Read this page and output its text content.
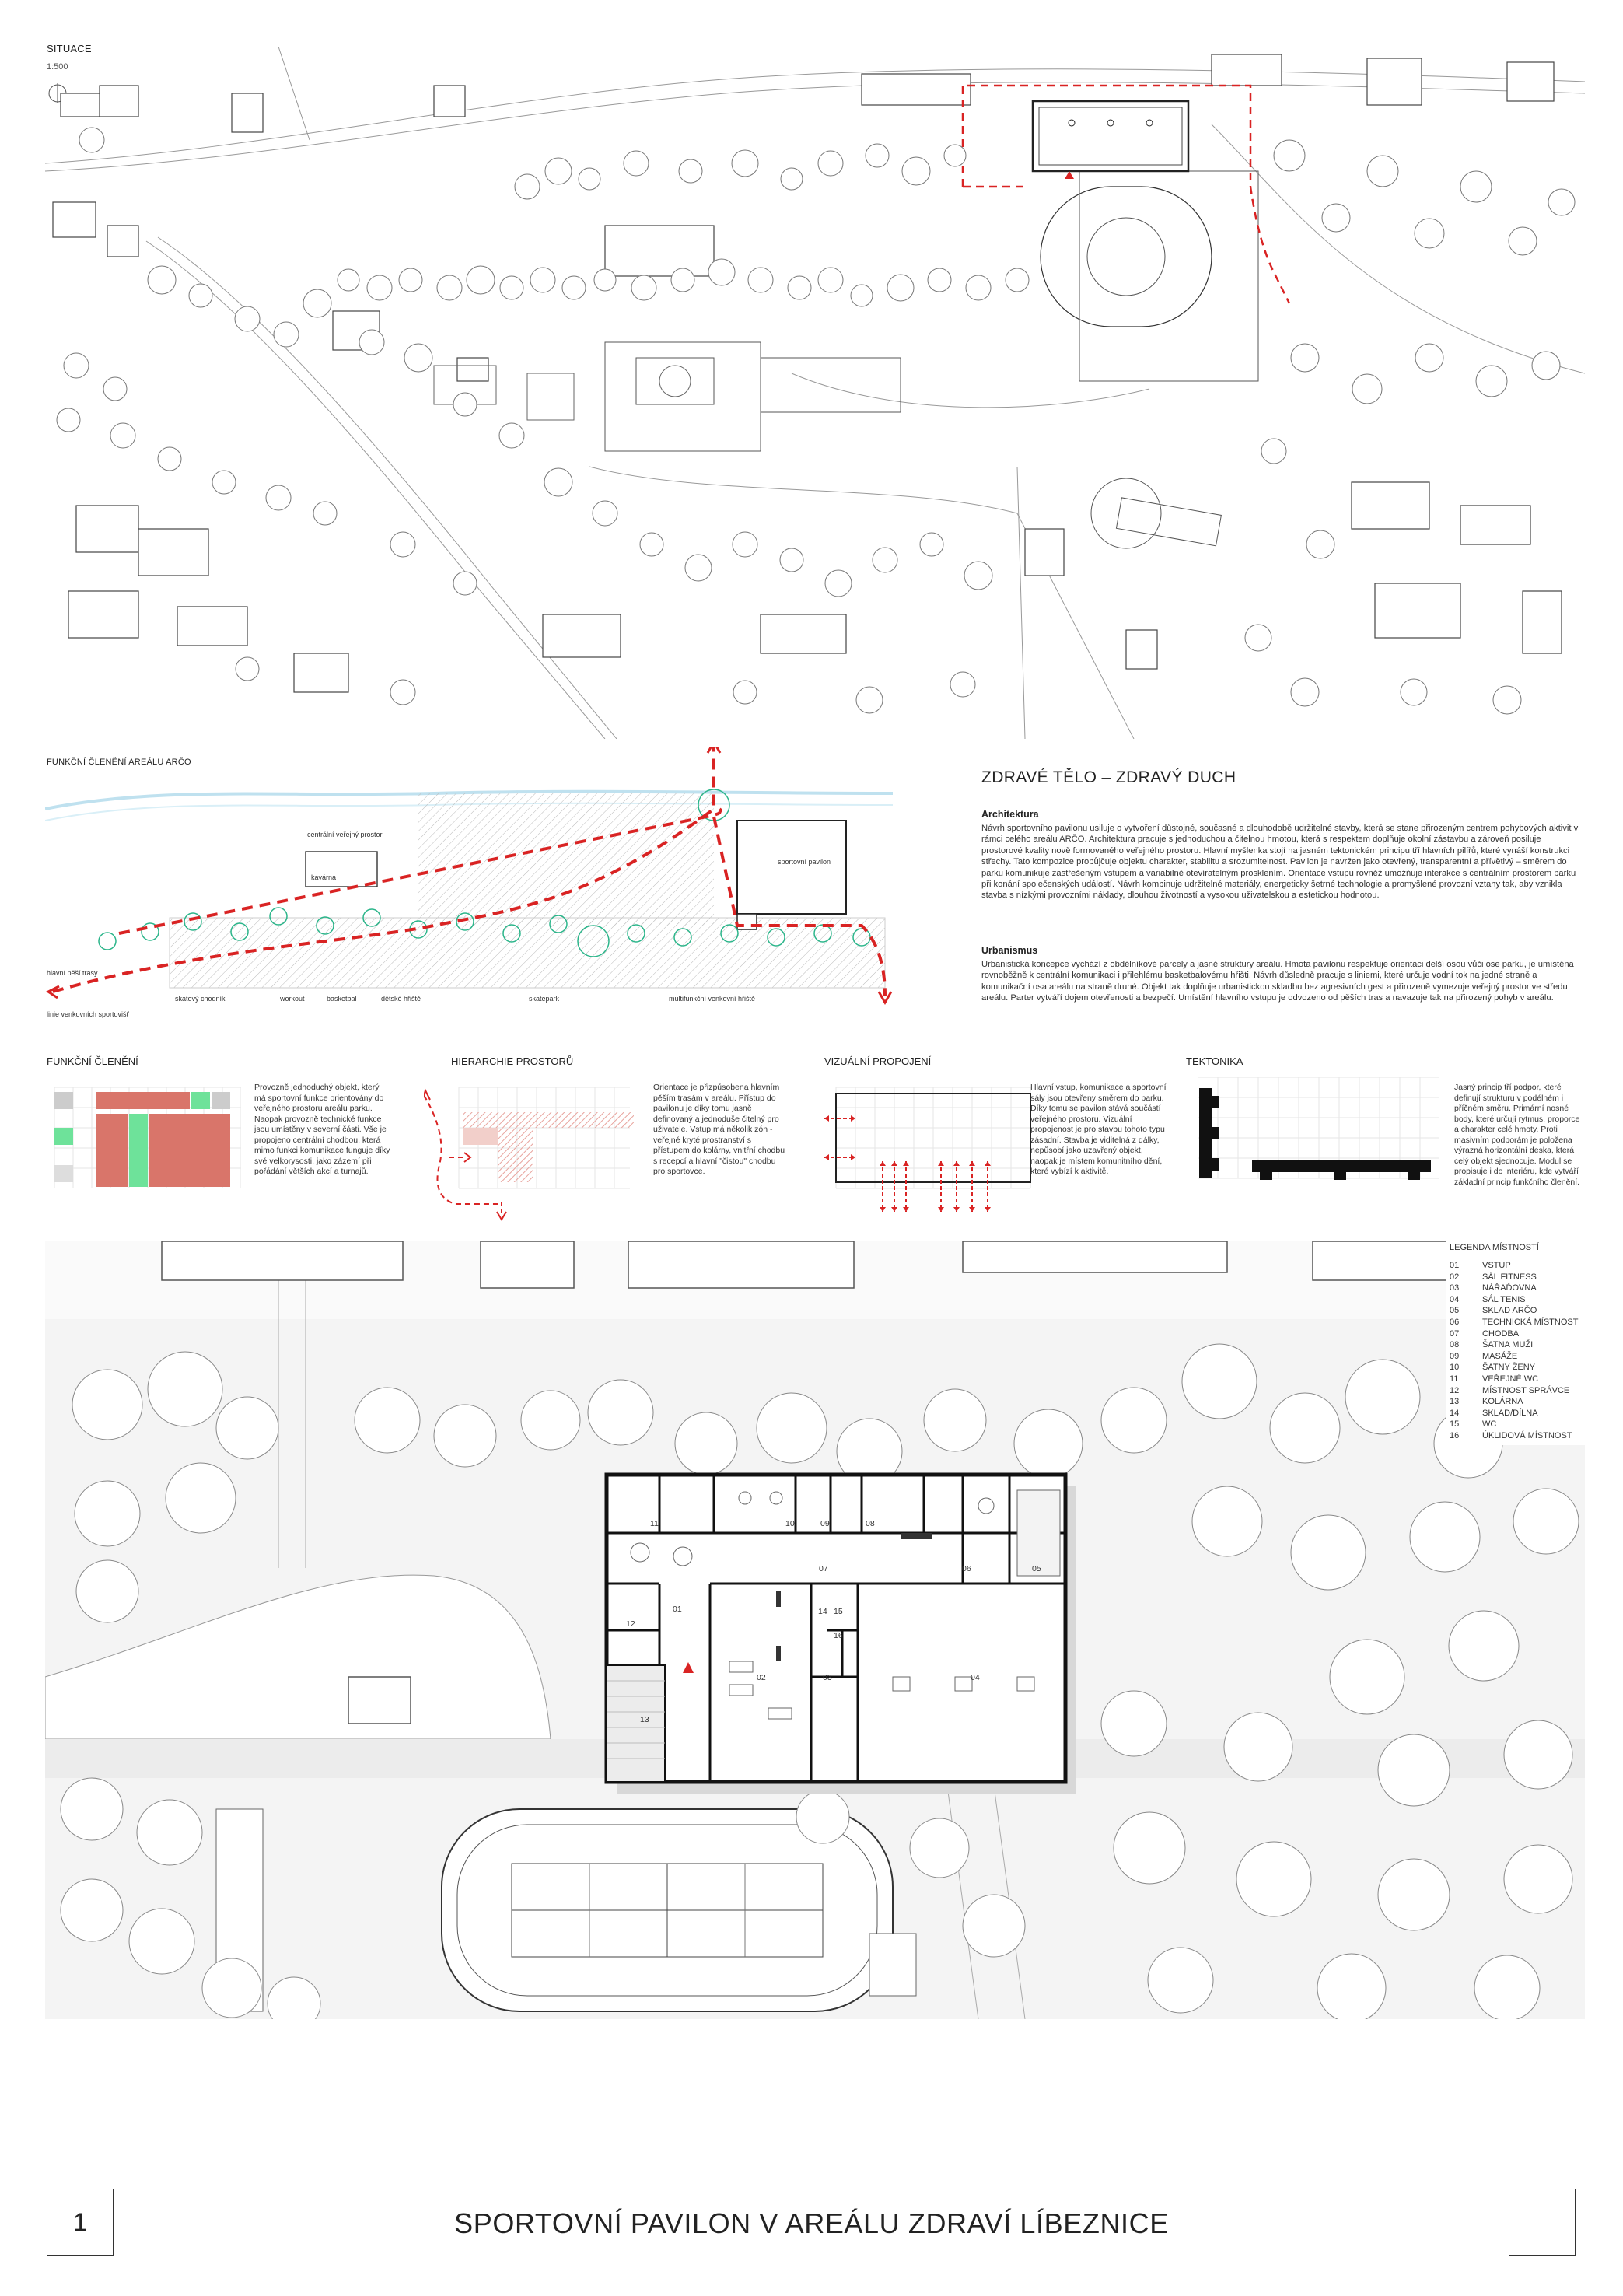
SITUACE
1:500
FUNKČNÍ ČLENĚNÍ AREÁLU ARČO
centrální veřejný prostor
sportovní pavilon
kavárna
hlavní pěší trasy
linie venkovních sportovišť
skatový chodník	workout	basketbal	dětské hřiště	skatepark	multifunkční venkovní hřiště
ZDRAVÉ TĚLO – ZDRAVÝ DUCH
Architektura
Návrh sportovního pavilonu usiluje o vytvoření důstojné, současné a dlouhodobě udržitelné stavby, která se stane přirozeným centrem pohybových aktivit v rámci celého areálu ARČO. Architektura pracuje s jednoduchou a čitelnou hmotou, která s respektem doplňuje okolní zástavbu a zároveň posiluje prostorové kvality nově formovaného veřejného prostoru. Hlavní myšlenka stojí na jasném tektonickém principu tří hlavních pilířů, které vynáší konstrukci střechy. Tato kompozice propůjčuje objektu charakter, stabilitu a srozumitelnost. Pavilon je navržen jako otevřený, transparentní a přívětivý – směrem do parku komunikuje zastřešeným vstupem a variabilně otevíratelným prosklením. Orientace vstupu rovněž umožňuje interakce s centrálním prostorem parku při konání společenských událostí. Návrh kombinuje udržitelné materiály, energeticky šetrné technologie a promyšlené provozní vztahy tak, aby vznikla stavba s nízkými provozními náklady, dlouhou životností a vysokou uživatelskou a estetickou hodnotou.
Urbanismus
Urbanistická koncepce vychází z obdélníkové parcely a jasné struktury areálu. Hmota pavilonu respektuje orientaci delší osou vůči ose parku, je umístěna rovnoběžně k centrální komunikaci i přilehlému basketbalovému hřišti. Návrh důsledně pracuje s liniemi, které určuje vodní tok na jedné straně a komunikační osa areálu na straně druhé. Objekt tak doplňuje urbanistickou skladbu bez agresivních gest a přirozeně vymezuje veřejný prostor ve středu areálu. Parter vytváří dojem otevřenosti a bezpečí. Umístění hlavního vstupu je odvozeno od pěších tras a navazuje tak na přirozený pohyb v areálu.
FUNKČNÍ ČLENĚNÍ
Provozně jednoduchý objekt, který má sportovní funkce orientovány do veřejného prostoru areálu parku. Naopak provozně technické funkce jsou umístěny v severní části. Vše je propojeno centrální chodbou, která mimo funkci komunikace funguje díky své velkorysosti, jako zázemí při pořádání větších akcí a turnajů.
HIERARCHIE PROSTORŮ
Orientace je přizpůsobena hlavním pěším trasám v areálu. Přístup do pavilonu je díky tomu jasně definovaný a jednoduše čitelný pro uživatele. Vstup má několik zón - veřejné kryté prostranství s přístupem do kolárny, vnitřní chodbu s recepcí a hlavní "čistou" chodbu pro sportovce.
VIZUÁLNÍ PROPOJENÍ
Hlavní vstup, komunikace a sportovní sály jsou otevřeny směrem do parku. Díky tomu se pavilon stává součástí veřejného prostoru. Vizuální propojenost je pro stavbu tohoto typu zásadní. Stavba je viditelná z dálky, nepůsobí jako uzavřený objekt, naopak je místem komunitního dění, které vybízí k aktivitě.
TEKTONIKA
Jasný princip tří podpor, které definují strukturu v podélném i příčném směru. Primární nosné body, které určují rytmus, proporce a charakter celé hmoty. Proti masivním podporám je položena výrazná horizontální deska, která celý objekt sjednocuje. Modul se propisuje i do interiéru, kde vytváří základní princip funkčního členění.
11	10	09	08
07	06	05
01
12
02	03	04
13
14 15
16
LEGENDA MÍSTNOSTÍ
01	VSTUP
02	SÁL FITNESS
03	NÁŘAĎOVNA
04	SÁL TENIS
05	SKLAD ARČO
06	TECHNICKÁ MÍSTNOST
07	CHODBA
08	ŠATNA MUŽI
09	MASÁŽE
10	ŠATNY ŽENY
11	VEŘEJNÉ WC
12	MÍSTNOST SPRÁVCE
13	KOLÁRNA
14	SKLAD/DÍLNA
15	WC
16	ÚKLIDOVÁ MÍSTNOST
1	SPORTOVNÍ PAVILON V AREÁLU ZDRAVÍ LÍBEZNICE
